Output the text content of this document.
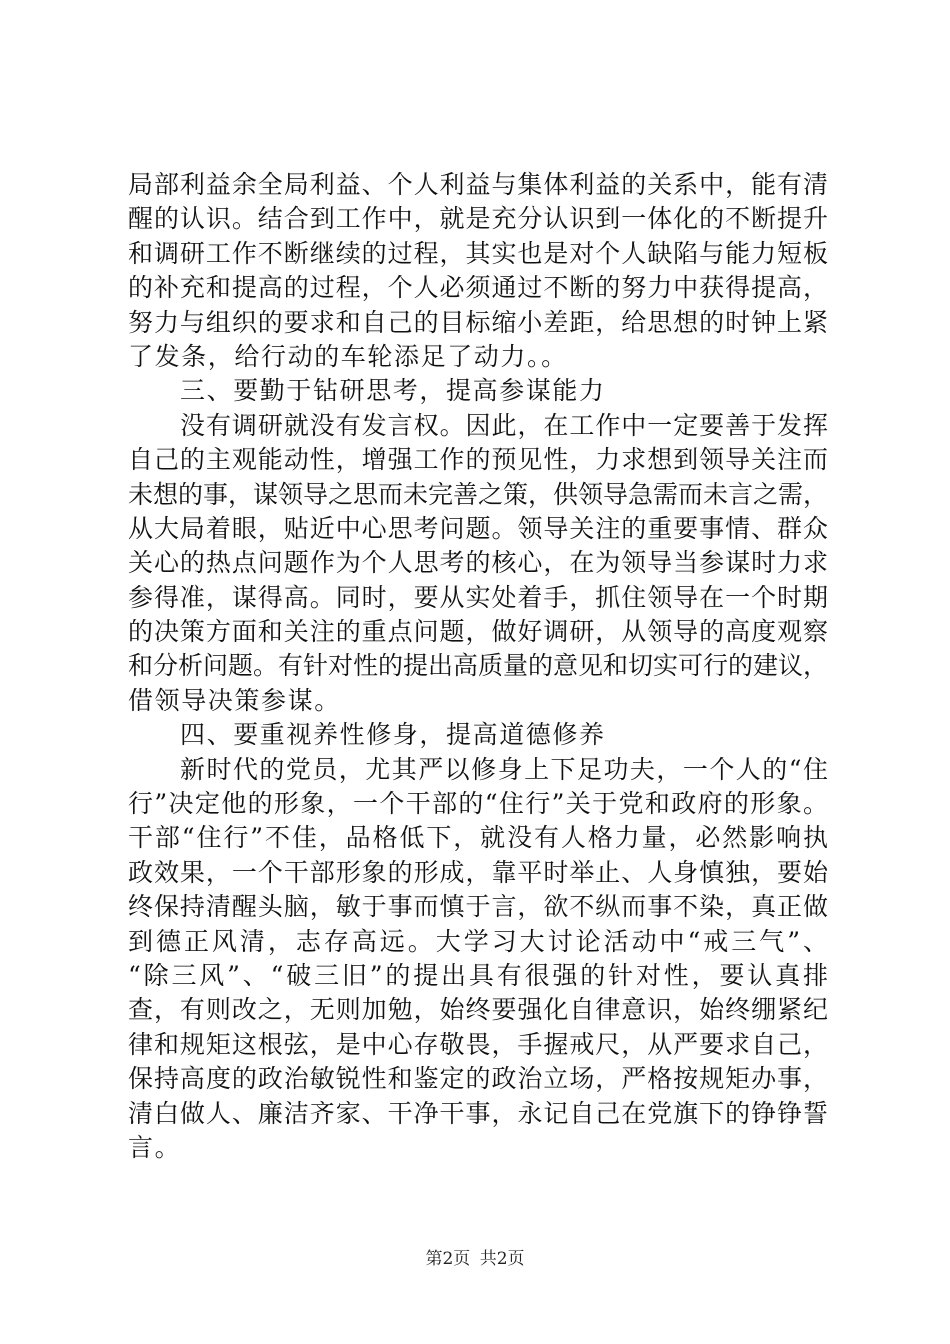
局部利益余全局利益、个人利益与集体利益的关系中，能有清
醒的认识。结合到工作中，就是充分认识到一体化的不断提升
和调研工作不断继续的过程，其实也是对个人缺陷与能力短板
的补充和提高的过程，个人必须通过不断的努力中获得提高，
努力与组织的要求和自己的目标缩小差距，给思想的时钟上紧
了发条，给行动的车轮添足了动力。。
三、要勤于钻研思考，提高参谋能力
没有调研就没有发言权。因此，在工作中一定要善于发挥
自己的主观能动性，增强工作的预见性，力求想到领导关注而
未想的事，谋领导之思而未完善之策，供领导急需而未言之需，
从大局着眼，贴近中心思考问题。领导关注的重要事情、群众
关心的热点问题作为个人思考的核心，在为领导当参谋时力求
参得准，谋得高。同时，要从实处着手，抓住领导在一个时期
的决策方面和关注的重点问题，做好调研，从领导的高度观察
和分析问题。有针对性的提出高质量的意见和切实可行的建议，
借领导决策参谋。
四、要重视养性修身，提高道德修养
新时代的党员，尤其严以修身上下足功夫，一个人的“住
行”决定他的形象，一个干部的“住行”关于党和政府的形象。
干部“住行”不佳，品格低下，就没有人格力量，必然影响执
政效果，一个干部形象的形成，靠平时举止、人身慎独，要始
终保持清醒头脑，敏于事而慎于言，欲不纵而事不染，真正做
到德正风清，志存高远。大学习大讨论活动中“戒三气”、
“除三风”、“破三旧”的提出具有很强的针对性，要认真排
查，有则改之，无则加勉，始终要强化自律意识，始终绷紧纪
律和规矩这根弦，是中心存敬畏，手握戒尺，从严要求自己，
保持高度的政治敏锐性和鉴定的政治立场，严格按规矩办事，
清白做人、廉洁齐家、干净干事，永记自己在党旗下的铮铮誓
言。
第2页 共2页
